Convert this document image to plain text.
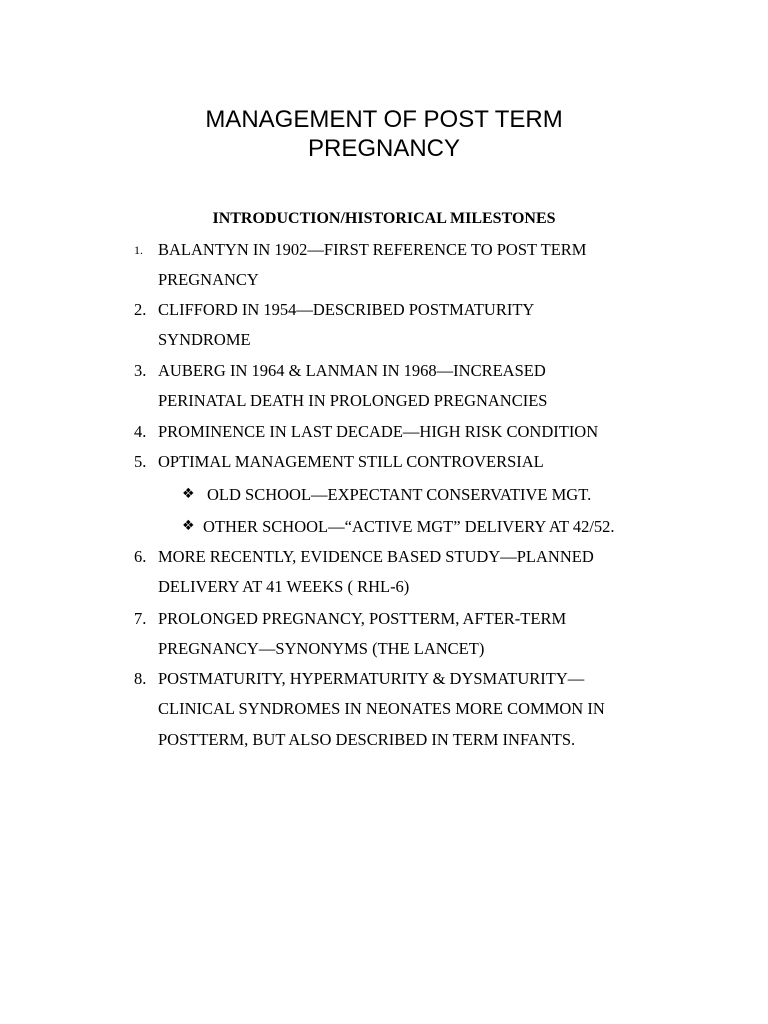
MANAGEMENT OF POST TERM
PREGNANCY
INTRODUCTION/HISTORICAL MILESTONES
1. BALANTYN IN 1902—FIRST REFERENCE TO POST TERM
PREGNANCY
2. CLIFFORD IN 1954—DESCRIBED POSTMATURITY
SYNDROME
3. AUBERG IN 1964 & LANMAN IN 1968—INCREASED
PERINATAL DEATH IN PROLONGED PREGNANCIES
4. PROMINENCE IN LAST DECADE—HIGH RISK CONDITION
5. OPTIMAL MANAGEMENT STILL CONTROVERSIAL
❖ OLD SCHOOL—EXPECTANT CONSERVATIVE MGT.
❖ OTHER SCHOOL—“ACTIVE MGT” DELIVERY AT 42/52.
6. MORE RECENTLY, EVIDENCE BASED STUDY—PLANNED
DELIVERY AT 41 WEEKS ( RHL-6)
7. PROLONGED PREGNANCY, POSTTERM, AFTER-TERM
PREGNANCY—SYNONYMS (THE LANCET)
8. POSTMATURITY, HYPERMATURITY & DYSMATURITY—
CLINICAL SYNDROMES IN NEONATES MORE COMMON IN
POSTTERM, BUT ALSO DESCRIBED IN TERM INFANTS.
